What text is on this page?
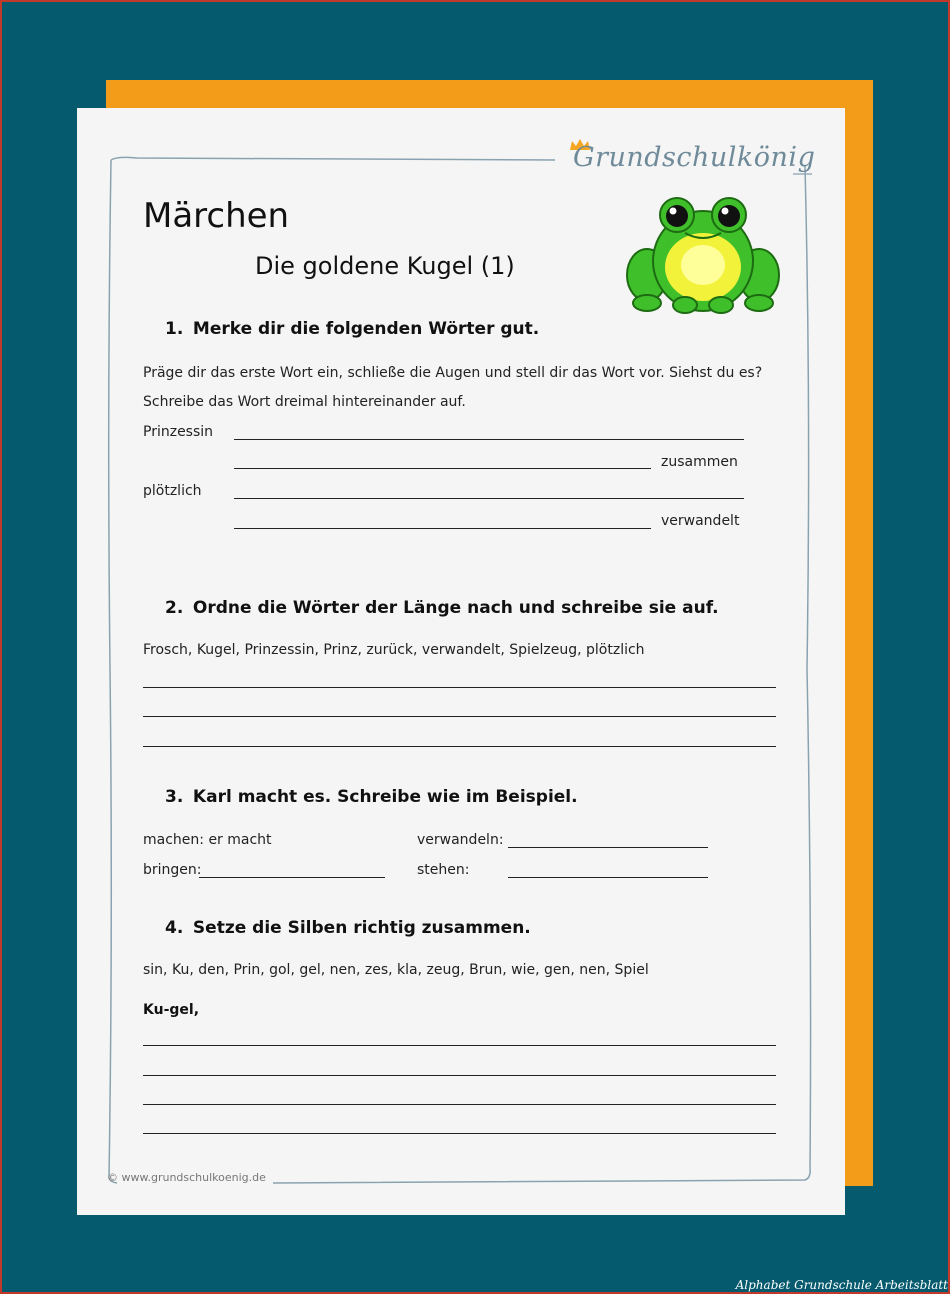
Grundschulkönig
Märchen
Die goldene Kugel (1)
1. Merke dir die folgenden Wörter gut.
Präge dir das erste Wort ein, schließe die Augen und stell dir das Wort vor. Siehst du es?
Schreibe das Wort dreimal hintereinander auf.
Prinzessin
zusammen
plötzlich
verwandelt
2. Ordne die Wörter der Länge nach und schreibe sie auf.
Frosch, Kugel, Prinzessin, Prinz, zurück, verwandelt, Spielzeug, plötzlich
3. Karl macht es. Schreibe wie im Beispiel.
machen: er macht	verwandeln:
bringen:	stehen:
4. Setze die Silben richtig zusammen.
sin, Ku, den, Prin, gol, gel, nen, zes, kla, zeug, Brun, wie, gen, nen, Spiel
Ku-gel,
© www.grundschulkoenig.de
Alphabet Grundschule Arbeitsblatt
